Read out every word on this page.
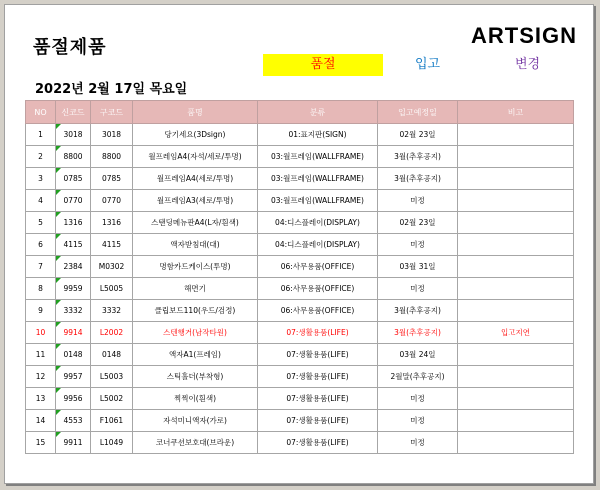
품절제품	ARTSIGN
품절	입고	변경
2022년 2월 17일 목요일
NO	신코드	구코드	품명	분류	입고예정일	비고
1	3018	3018	당기세요(3Dsign)	01:표지판(SIGN)	02월 23일	
2	8800	8800	월프레임A4(자석/세로/투명)	03:월프레임(WALLFRAME)	3월(추후공지)	
3	0785	0785	월프레임A4(세로/투명)	03:월프레임(WALLFRAME)	3월(추후공지)	
4	0770	0770	월프레임A3(세로/투명)	03:월프레임(WALLFRAME)	미정	
5	1316	1316	스탠딩메뉴판A4(L자/흰색)	04:디스플레이(DISPLAY)	02월 23일	
6	4115	4115	액자받침대(대)	04:디스플레이(DISPLAY)	미정	
7	2384	M0302	명함카드케이스(투명)	06:사무용품(OFFICE)	03월 31일	
8	9959	L5005	해면기	06:사무용품(OFFICE)	미정	
9	3332	3332	클립보드110(우드/검정)	06:사무용품(OFFICE)	3월(추후공지)	
10	9914	L2002	스텐행거(남작타원)	07:생활용품(LIFE)	3월(추후공지)	입고지연
11	0148	0148	액자A1(프레임)	07:생활용품(LIFE)	03월 24일	
12	9957	L5003	스틱홀더(부착형)	07:생활용품(LIFE)	2월말(추후공지)	
13	9956	L5002	찍찍이(흰색)	07:생활용품(LIFE)	미정	
14	4553	F1061	자석미니액자(가로)	07:생활용품(LIFE)	미정	
15	9911	L1049	코너쿠션보호대(브라운)	07:생활용품(LIFE)	미정	
